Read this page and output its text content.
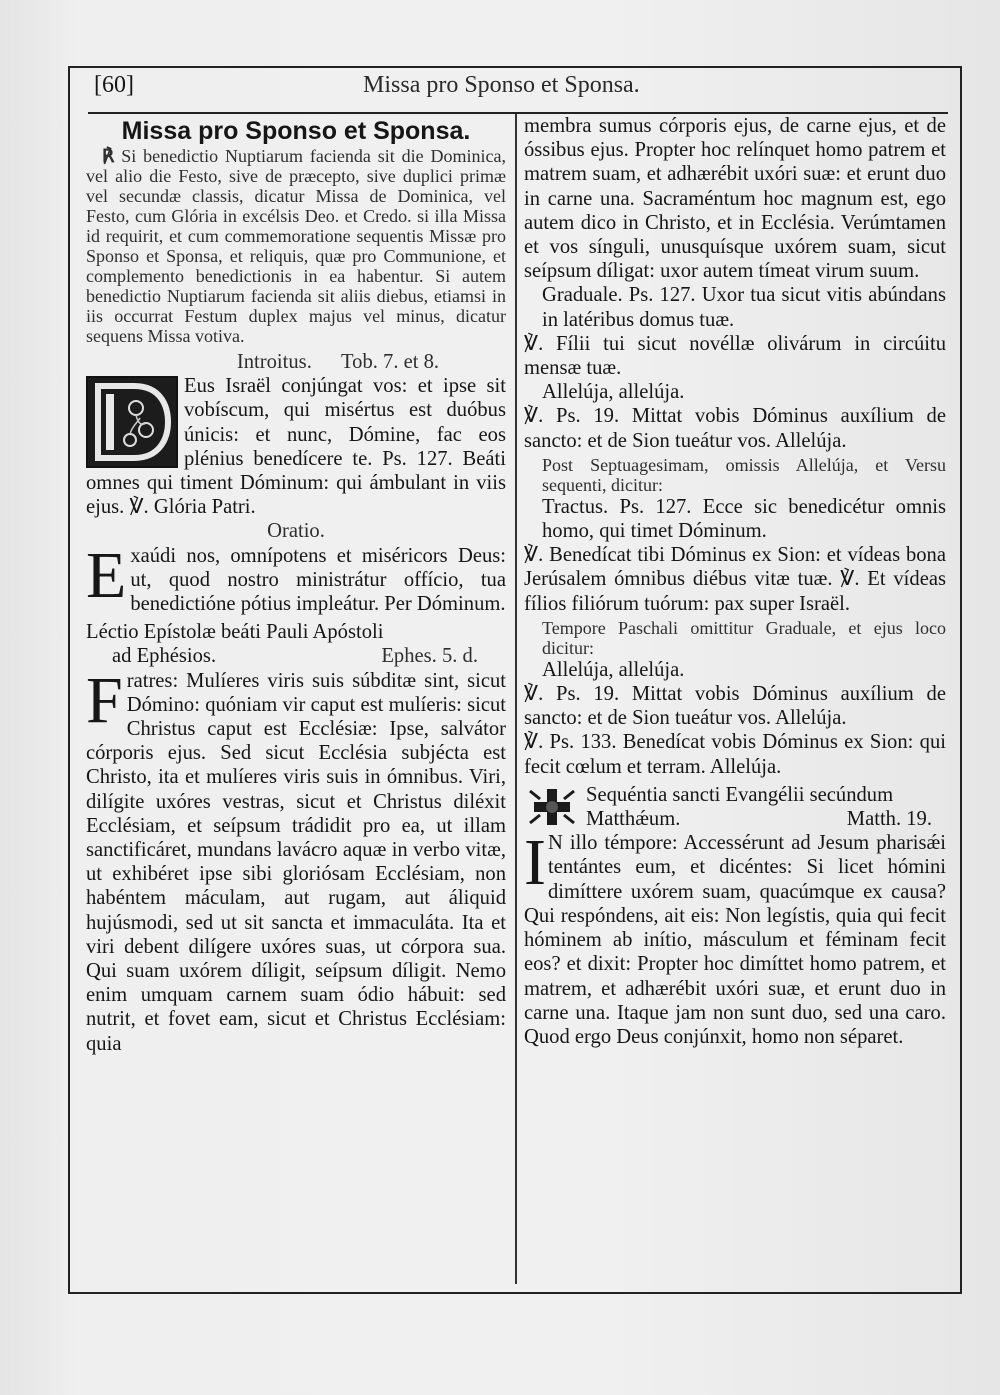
[60]	Missa pro Sponso et Sponsa.
Missa pro Sponso et Sponsa.

℟ Si benedictio Nuptiarum facienda sit die Dominica, vel alio die Festo, sive de præcepto, sive duplici primæ vel secundæ classis, dicatur Missa de Dominica, vel Festo, cum Glória in excélsis Deo. et Credo. si illa Missa id requirit, et cum commemoratione sequentis Missæ pro Sponso et Sponsa, et reliquis, quæ pro Communione, et complemento benedictionis in ea habentur. Si autem benedictio Nuptiarum facienda sit aliis diebus, etiamsi in iis occurrat Festum duplex majus vel minus, dicatur sequens Missa votiva.

Introitus. Tob. 7. et 8.

Eus Israël conjúngat vos: et ipse sit vobíscum, qui misértus est duóbus únicis: et nunc, Dómine, fac eos plénius benedícere te. Ps. 127. Beáti omnes qui timent Dóminum: qui ámbulant in viis ejus. ℣. Glória Patri.

Oratio.
E xaúdi nos, omnípotens et miséricors Deus: ut, quod nostro ministrátur offício, tua benedictióne pótius impleátur. Per Dóminum.

Léctio Epístolæ beáti Pauli Apóstoli

ad Ephésios.	Ephes. 5. d.
F ratres: Mulíeres viris suis súbditæ sint, sicut Dómino: quóniam vir caput est mulíeris: sicut Christus caput est Ecclésiæ: Ipse, salvátor córporis ejus. Sed sicut Ecclésia subjécta est Christo, ita et mulíeres viris suis in ómnibus. Viri, dilígite uxóres vestras, sicut et Christus diléxit Ecclésiam, et seípsum trádidit pro ea, ut illam sanctificáret, mundans lavácro aquæ in verbo vitæ, ut exhibéret ipse sibi gloriósam Ecclésiam, non habéntem máculam, aut rugam, aut áliquid hujúsmodi, sed ut sit sancta et immaculáta. Ita et viri debent dilígere uxóres suas, ut córpora sua. Qui suam uxórem díligit, seípsum díligit. Nemo enim umquam carnem suam ódio hábuit: sed nutrit, et fovet eam, sicut et Christus Ecclésiam: quia

membra sumus córporis ejus, de carne ejus, et de óssibus ejus. Propter hoc relínquet homo patrem et matrem suam, et adhærébit uxóri suæ: et erunt duo in carne una. Sacraméntum hoc magnum est, ego autem dico in Christo, et in Ecclésia. Verúmtamen et vos sínguli, unusquísque uxórem suam, sicut seípsum díligat: uxor autem tímeat virum suum.

Graduale. Ps. 127. Uxor tua sicut vitis abúndans in latéribus domus tuæ.

℣. Fílii tui sicut novéllæ olivárum in circúitu mensæ tuæ.

Allelúja, allelúja.

℣. Ps. 19. Mittat vobis Dóminus auxílium de sancto: et de Sion tueátur vos. Allelúja.

Post Septuagesimam, omissis Allelúja, et Versu sequenti, dicitur:

Tractus. Ps. 127. Ecce sic benedicétur omnis homo, qui timet Dóminum.

℣. Benedícat tibi Dóminus ex Sion: et vídeas bona Jerúsalem ómnibus diébus vitæ tuæ. ℣. Et vídeas fílios filiórum tuórum: pax super Israël.

Tempore Paschali omittitur Graduale, et ejus loco dicitur:

Allelúja, allelúja.

℣. Ps. 19. Mittat vobis Dóminus auxílium de sancto: et de Sion tueátur vos. Allelúja.

℣. Ps. 133. Benedícat vobis Dóminus ex Sion: qui fecit cœlum et terram. Allelúja.

Sequéntia sancti Evangélii secúndum Matthǽum.	Matth. 19.

I N illo témpore: Accessérunt ad Jesum pharisǽi tentántes eum, et dicéntes: Si licet hómini dimíttere uxórem suam, quacúmque ex causa? Qui respóndens, ait eis: Non legístis, quia qui fecit hóminem ab inítio, másculum et féminam fecit eos? et dixit: Propter hoc dimíttet homo patrem, et matrem, et adhærébit uxóri suæ, et erunt duo in carne una. Itaque jam non sunt duo, sed una caro. Quod ergo Deus conjúnxit, homo non séparet.
